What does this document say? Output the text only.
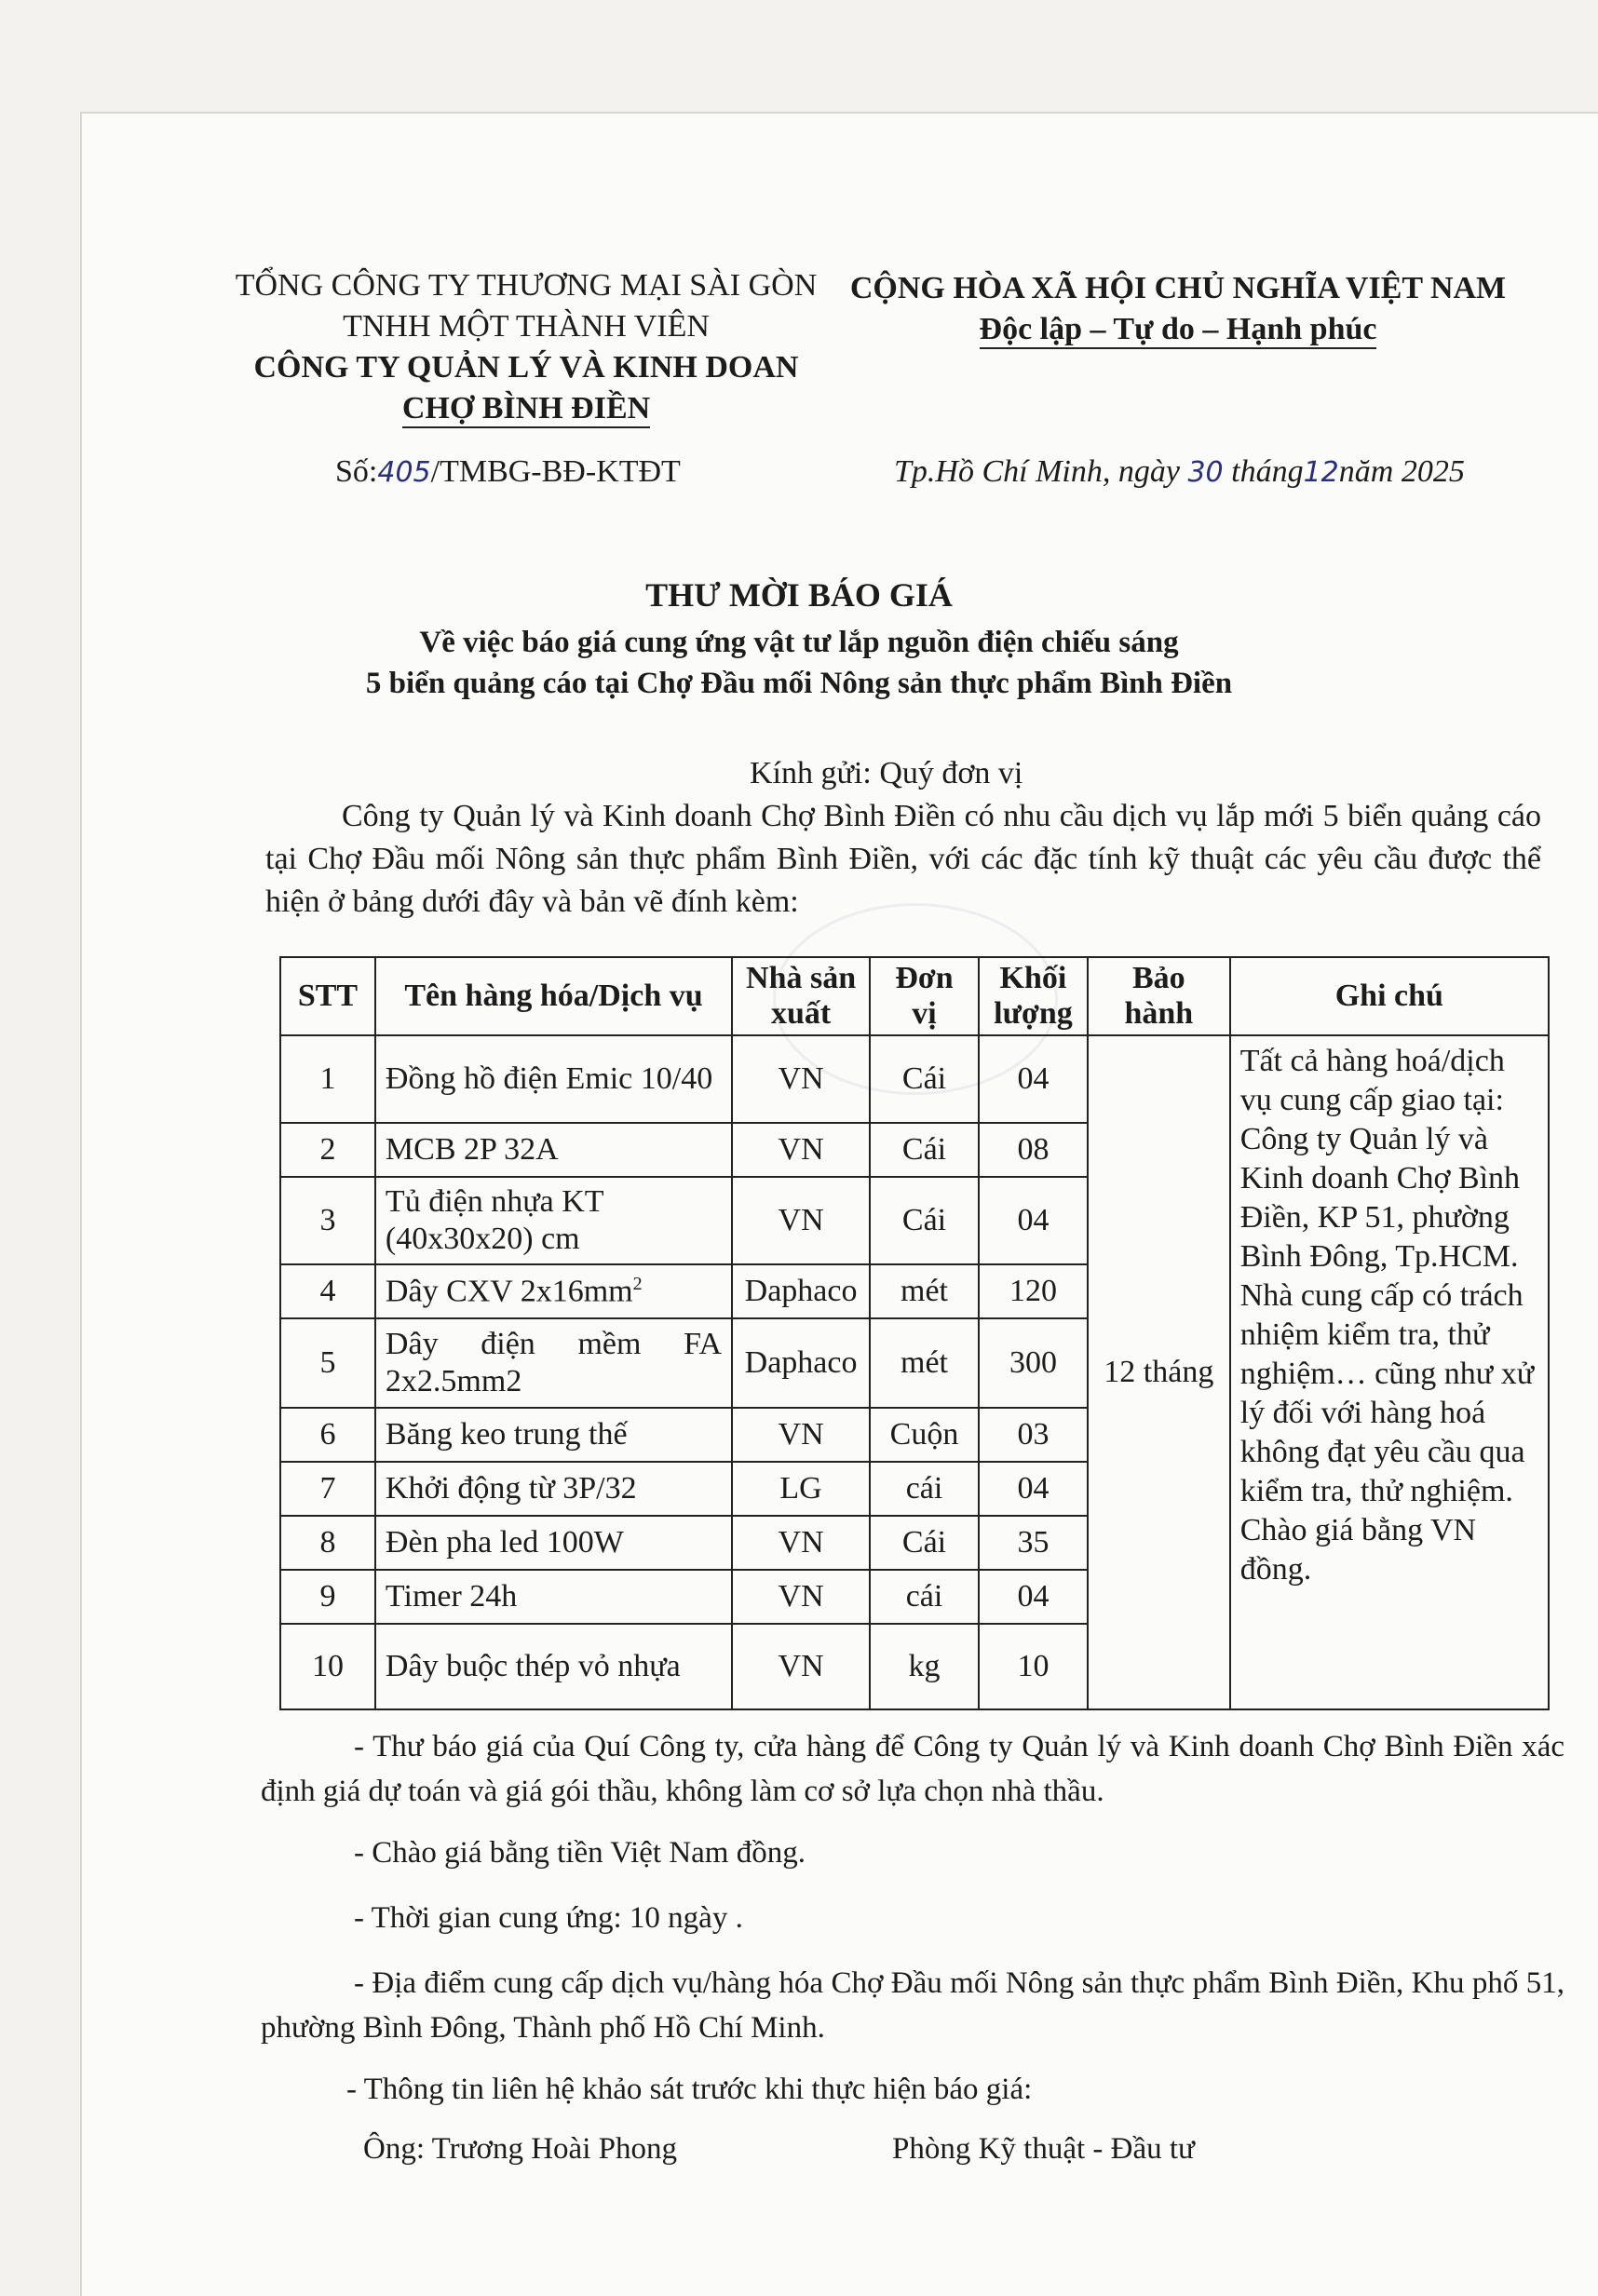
TỔNG CÔNG TY THƯƠNG MẠI SÀI GÒN
TNHH MỘT THÀNH VIÊN
CÔNG TY QUẢN LÝ VÀ KINH DOAN
CHỢ BÌNH ĐIỀN
CỘNG HÒA XÃ HỘI CHỦ NGHĨA VIỆT NAM
Độc lập – Tự do – Hạnh phúc
Số:405/TMBG-BĐ-KTĐT	Tp.Hồ Chí Minh, ngày 30 tháng12năm 2025
THƯ MỜI BÁO GIÁ
Về việc báo giá cung ứng vật tư lắp nguồn điện chiếu sáng
5 biển quảng cáo tại Chợ Đầu mối Nông sản thực phẩm Bình Điền
Kính gửi: Quý đơn vị
Công ty Quản lý và Kinh doanh Chợ Bình Điền có nhu cầu dịch vụ lắp mới 5 biển quảng cáo tại Chợ Đầu mối Nông sản thực phẩm Bình Điền, với các đặc tính kỹ thuật các yêu cầu được thể hiện ở bảng dưới đây và bản vẽ đính kèm:
STT	Tên hàng hóa/Dịch vụ	Nhà sản xuất	Đơn vị	Khối lượng	Bảo hành	Ghi chú
1	Đồng hồ điện Emic 10/40	VN	Cái	04	12 tháng	Tất cả hàng hoá/dịch vụ cung cấp giao tại: Công ty Quản lý và Kinh doanh Chợ Bình Điền, KP 51, phường Bình Đông, Tp.HCM.
Nhà cung cấp có trách nhiệm kiểm tra, thử nghiệm… cũng như xử lý đối với hàng hoá không đạt yêu cầu qua kiểm tra, thử nghiệm.
Chào giá bằng VN đồng.

2	MCB 2P 32A	VN	Cái	08		
3	Tủ điện nhựa KT (40x30x20) cm	VN	Cái	04		
4	Dây CXV $2x16mm^2$	Daphaco	mét	120		
5	Dây điện mềm FA 2x2.5mm2	Daphaco	mét	300		
6	Băng keo trung thế	VN	Cuộn	03		
7	Khởi động từ 3P/32	LG	cái	04		
8	Đèn pha led 100W	VN	Cái	35		
9	Timer 24h	VN	cái	04		
10	Dây buộc thép vỏ nhựa	VN	kg	10		

- Thư báo giá của Quí Công ty, cửa hàng để Công ty Quản lý và Kinh doanh Chợ Bình Điền xác định giá dự toán và giá gói thầu, không làm cơ sở lựa chọn nhà thầu.

- Chào giá bằng tiền Việt Nam đồng.

- Thời gian cung ứng: 10 ngày .

- Địa điểm cung cấp dịch vụ/hàng hóa Chợ Đầu mối Nông sản thực phẩm Bình Điền, Khu phố 51, phường Bình Đông, Thành phố Hồ Chí Minh.

- Thông tin liên hệ khảo sát trước khi thực hiện báo giá:

Ông: Trương Hoài Phong	Phòng Kỹ thuật - Đầu tư
